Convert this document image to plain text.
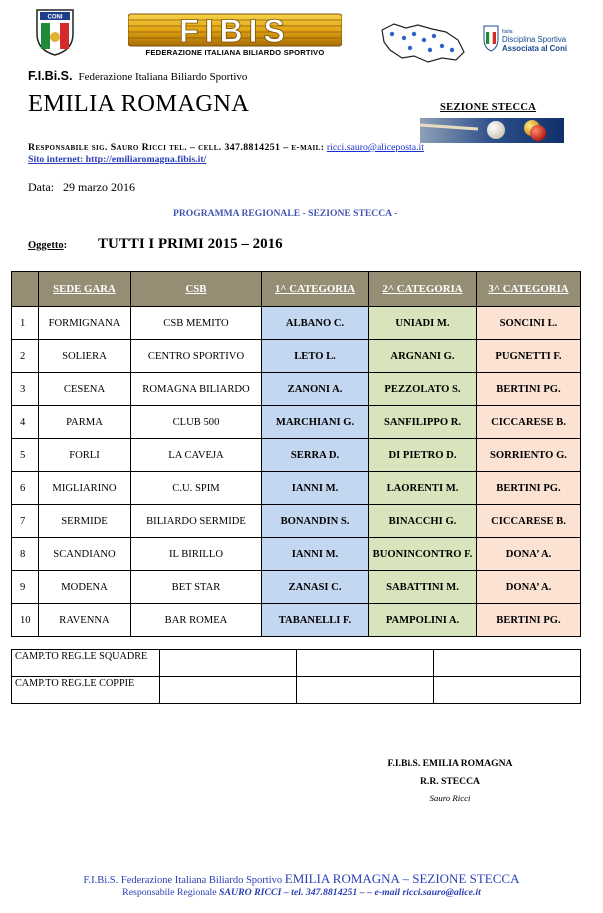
CONI	FIBIS
FEDERAZIONE ITALIANA BILIARDO SPORTIVO
Italia
Disciplina Sportiva
Associata al Coni
F.I.Bi.S. Federazione Italiana Biliardo Sportivo
EMILIA ROMAGNA	SEZIONE STECCA
Responsabile sig. Sauro Ricci tel. – cell. 347.8814251 – e-mail: ricci.sauro@aliceposta.it
Sito internet: http://emiliaromagna.fibis.it/
Data: 29 marzo 2016
PROGRAMMA REGIONALE - SEZIONE STECCA -
Oggetto: TUTTI I PRIMI 2015 – 2016
	SEDE GARA	CSB	1^ CATEGORIA	2^ CATEGORIA	3^ CATEGORIA
1	FORMIGNANA	CSB MEMITO	ALBANO C.	UNIADI M.	SONCINI L.
2	SOLIERA	CENTRO SPORTIVO	LETO L.	ARGNANI G.	PUGNETTI F.
3	CESENA	ROMAGNA BILIARDO	ZANONI A.	PEZZOLATO S.	BERTINI PG.
4	PARMA	CLUB 500	MARCHIANI G.	SANFILIPPO R.	CICCARESE B.
5	FORLI	LA CAVEJA	SERRA D.	DI PIETRO D.	SORRIENTO G.
6	MIGLIARINO	C.U. SPIM	IANNI M.	LAORENTI M.	BERTINI PG.
7	SERMIDE	BILIARDO SERMIDE	BONANDIN S.	BINACCHI G.	CICCARESE B.
8	SCANDIANO	IL BIRILLO	IANNI M.	BUONINCONTRO F.	DONA’ A.
9	MODENA	BET STAR	ZANASI C.	SABATTINI M.	DONA’ A.
10	RAVENNA	BAR ROMEA	TABANELLI F.	PAMPOLINI A.	BERTINI PG.
CAMP.TO REG.LE SQUADRE			
CAMP.TO REG.LE COPPIE			
F.I.Bi.S. EMILIA ROMAGNA
R.R. STECCA
Sauro Ricci
F.I.Bi.S. Federazione Italiana Biliardo Sportivo EMILIA ROMAGNA – SEZIONE STECCA
Responsabile Regionale SAURO RICCI – tel. 347.8814251 – – e-mail ricci.sauro@alice.it
